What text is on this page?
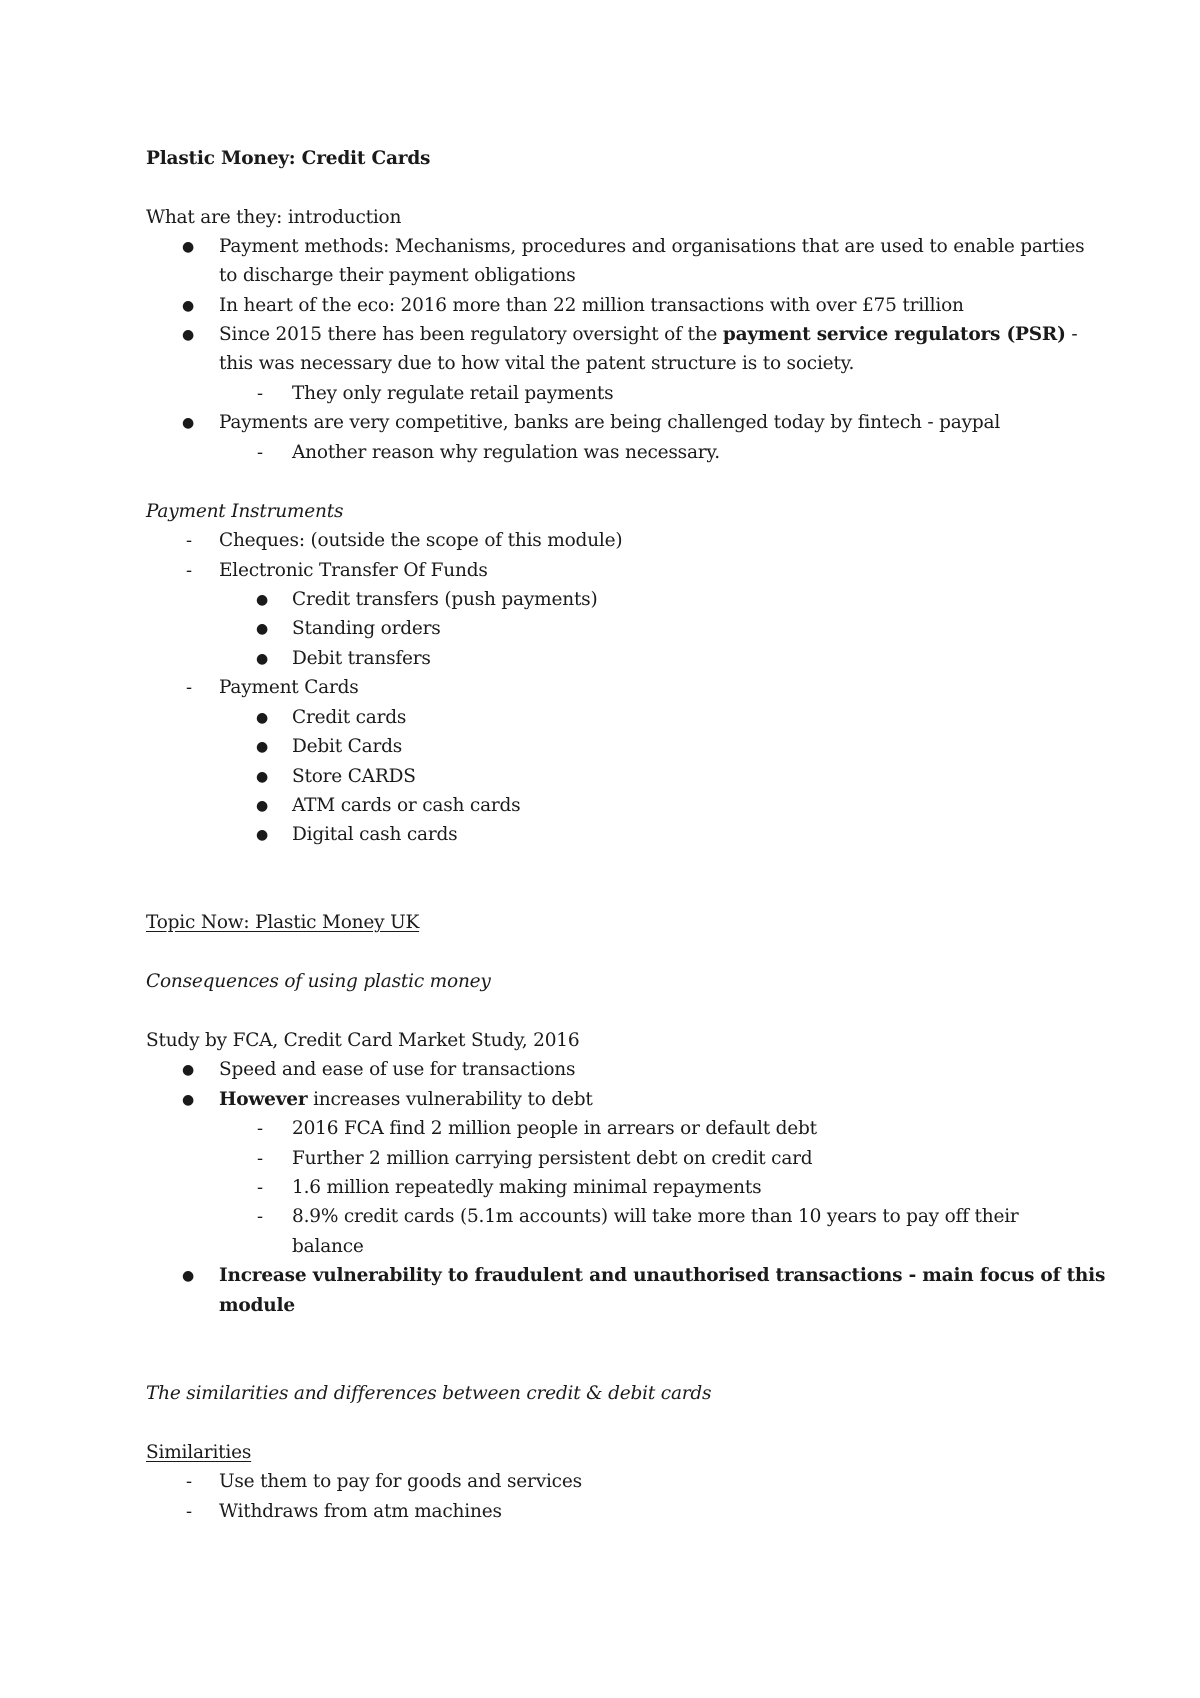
Plastic Money: Credit Cards
What are they: introduction
● Payment methods: Mechanisms, procedures and organisations that are used to enable parties
to discharge their payment obligations
● In heart of the eco: 2016 more than 22 million transactions with over £75 trillion
● Since 2015 there has been regulatory oversight of the payment service regulators (PSR) -
this was necessary due to how vital the patent structure is to society.
- They only regulate retail payments
● Payments are very competitive, banks are being challenged today by fintech - paypal
- Another reason why regulation was necessary.
Payment Instruments
- Cheques: (outside the scope of this module)
- Electronic Transfer Of Funds
● Credit transfers (push payments)
● Standing orders
● Debit transfers
- Payment Cards
● Credit cards
● Debit Cards
● Store CARDS
● ATM cards or cash cards
● Digital cash cards
Topic Now: Plastic Money UK
Consequences of using plastic money
Study by FCA, Credit Card Market Study, 2016
● Speed and ease of use for transactions
● However increases vulnerability to debt
- 2016 FCA find 2 million people in arrears or default debt
- Further 2 million carrying persistent debt on credit card
- 1.6 million repeatedly making minimal repayments
- 8.9% credit cards (5.1m accounts) will take more than 10 years to pay off their
balance
● Increase vulnerability to fraudulent and unauthorised transactions - main focus of this
module
The similarities and differences between credit & debit cards
Similarities
- Use them to pay for goods and services
- Withdraws from atm machines
